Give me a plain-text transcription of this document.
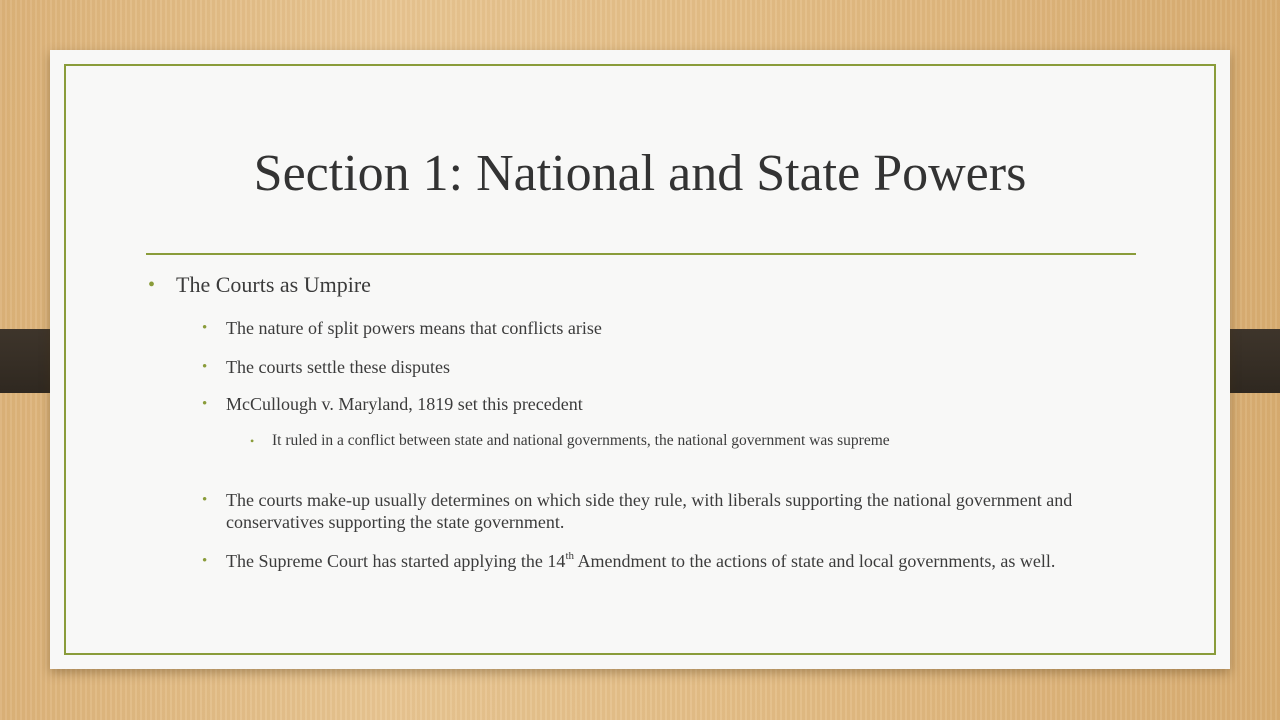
Section 1: National and State Powers
• The Courts as Umpire
• The nature of split powers means that conflicts arise
• The courts settle these disputes
• McCullough v. Maryland, 1819 set this precedent
• It ruled in a conflict between state and national governments, the national government was supreme
• The courts make-up usually determines on which side they rule, with liberals supporting the national government and conservatives supporting the state government.
• The Supreme Court has started applying the 14th Amendment to the actions of state and local governments, as well.
